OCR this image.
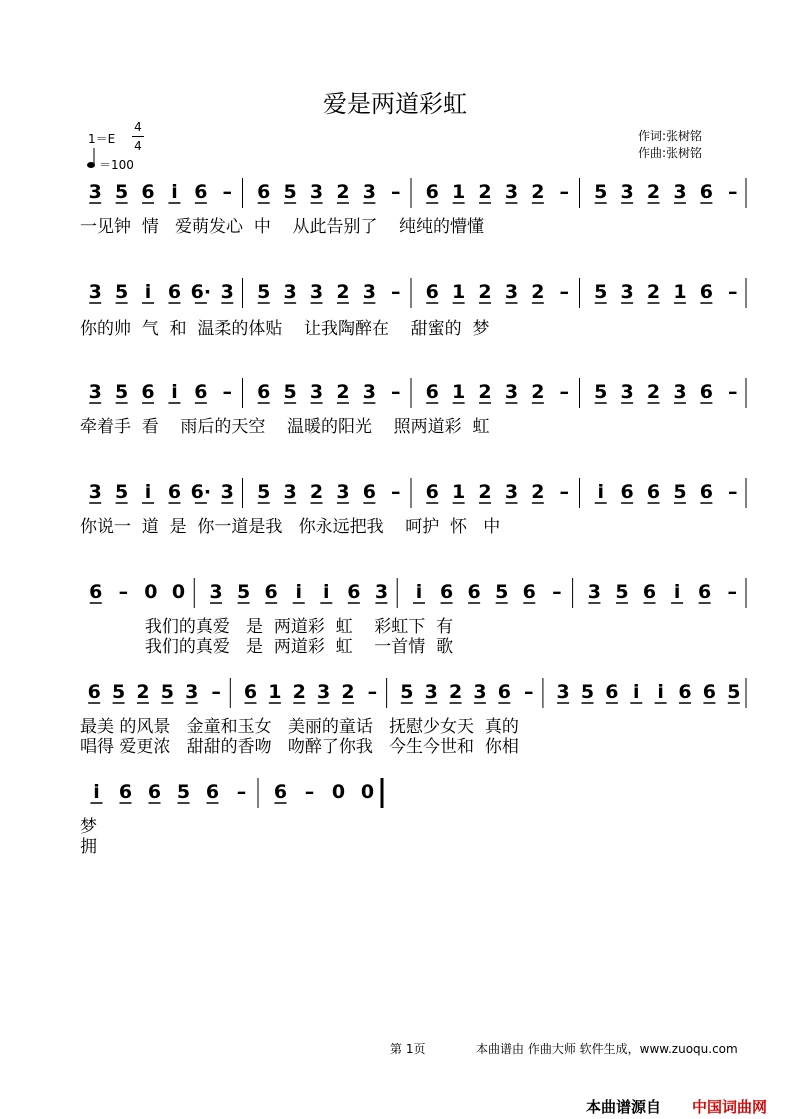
爱是两道彩虹
1＝E
4
4
＝100
作词:张树铭
作曲:张树铭
3 5 6 i 6 – 6 5 3 2 3 – 6 1 2 3 2 – 5 3 2 3 6 –
3 5 i 6 6· 3 5 3 3 2 3 – 6 1 2 3 2 – 5 3 2 1 6 –
3 5 6 i 6 – 6 5 3 2 3 – 6 1 2 3 2 – 5 3 2 3 6 –
3 5 i 6 6· 3 5 3 2 3 6 – 6 1 2 3 2 – i 6 6 5 6 –
6 – 0 0 3 5 6 i i 6 3 i 6 6 5 6 – 3 5 6 i 6 –
6 5 2 5 3 – 6 1 2 3 2 – 5 3 2 3 6 – 3 5 6 i i 6 6 5
i 6 6 5 6 – 6 – 0 0
第 1页	本曲谱由 作曲大师 软件生成，www.zuoqu.com
本曲谱源自 中国词曲网
一见钟  情   爱萌发心  中    从此告别了    纯纯的懵懂
你的帅  气  和  温柔的体贴    让我陶醉在    甜蜜的  梦
牵着手  看    雨后的天空    温暖的阳光    照两道彩  虹
你说一  道  是  你一道是我   你永远把我    呵护  怀   中
我们的真爱   是  两道彩  虹    彩虹下  有
我们的真爱   是  两道彩  虹    一首情  歌
最美 的风景   金童和玉女   美丽的童话   抚慰少女天  真的
唱得 爱更浓   甜甜的香吻   吻醉了你我   今生今世和  你相
梦
拥
